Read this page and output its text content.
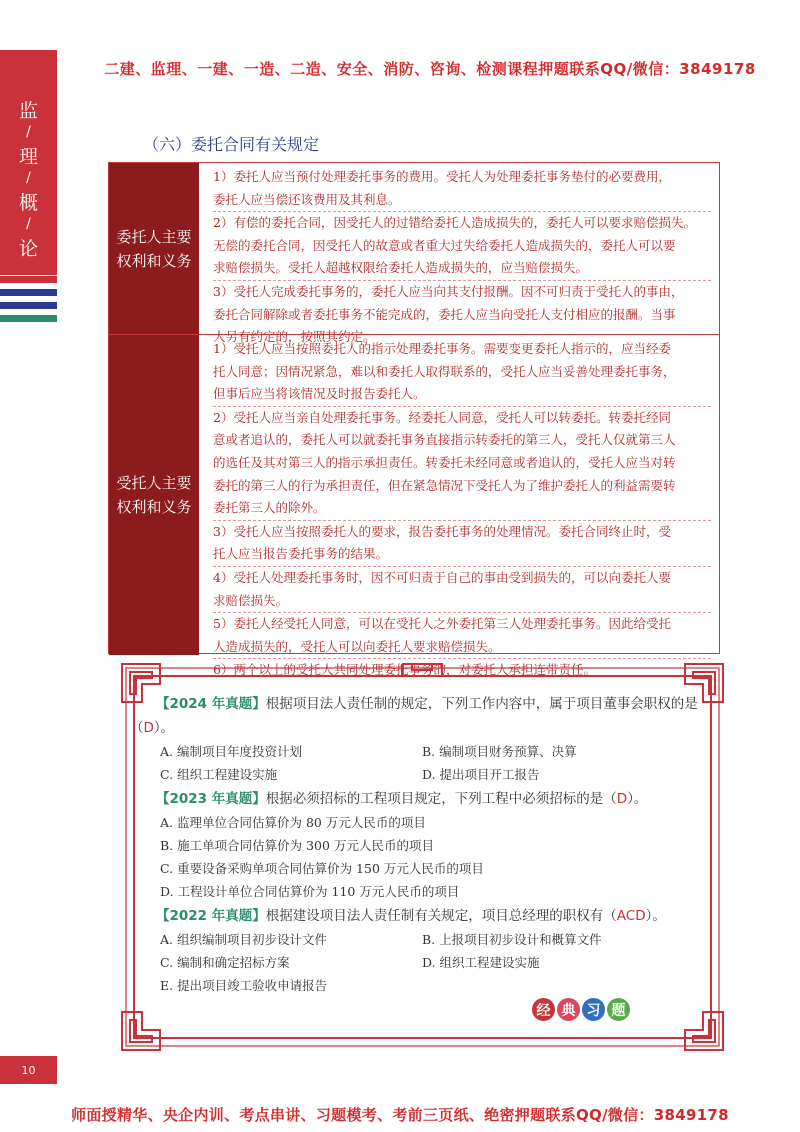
二建、监理、一建、一造、二造、安全、消防、咨询、检测课程押题联系QQ/微信：3849178
监
/
理
/
概
/
论
（六）委托合同有关规定
委托人主要
权利和义务
1）委托人应当预付处理委托事务的费用。受托人为处理委托事务垫付的必要费用，
委托人应当偿还该费用及其利息。
2）有偿的委托合同，因受托人的过错给委托人造成损失的，委托人可以要求赔偿损失。
无偿的委托合同，因受托人的故意或者重大过失给委托人造成损失的，委托人可以要
求赔偿损失。受托人超越权限给委托人造成损失的，应当赔偿损失。
3）受托人完成委托事务的，委托人应当向其支付报酬。因不可归责于受托人的事由，
委托合同解除或者委托事务不能完成的，委托人应当向受托人支付相应的报酬。当事
人另有约定的，按照其约定。
受托人主要
权利和义务
1）受托人应当按照委托人的指示处理委托事务。需要变更委托人指示的，应当经委
托人同意；因情况紧急，难以和委托人取得联系的，受托人应当妥善处理委托事务，
但事后应当将该情况及时报告委托人。
2）受托人应当亲自处理委托事务。经委托人同意，受托人可以转委托。转委托经同
意或者追认的，委托人可以就委托事务直接指示转委托的第三人，受托人仅就第三人
的选任及其对第三人的指示承担责任。转委托未经同意或者追认的，受托人应当对转
委托的第三人的行为承担责任，但在紧急情况下受托人为了维护委托人的利益需要转
委托第三人的除外。
3）受托人应当按照委托人的要求，报告委托事务的处理情况。委托合同终止时，受
托人应当报告委托事务的结果。
4）受托人处理委托事务时，因不可归责于自己的事由受到损失的，可以向委托人要
求赔偿损失。
5）委托人经受托人同意，可以在受托人之外委托第三人处理委托事务。因此给受托
人造成损失的，受托人可以向委托人要求赔偿损失。
6）两个以上的受托人共同处理委托事务的，对委托人承担连带责任。
【2024 年真题】根据项目法人责任制的规定，下列工作内容中，属于项目董事会职权的是
（D）。
A. 编制项目年度投资计划	B. 编制项目财务预算、决算
C. 组织工程建设实施	D. 提出项目开工报告
【2023 年真题】根据必须招标的工程项目规定，下列工程中必须招标的是（D）。
A. 监理单位合同估算价为 80 万元人民币的项目
B. 施工单项合同估算价为 300 万元人民币的项目
C. 重要设备采购单项合同估算价为 150 万元人民币的项目
D. 工程设计单位合同估算价为 110 万元人民币的项目
【2022 年真题】根据建设项目法人责任制有关规定，项目总经理的职权有（ACD）。
A. 组织编制项目初步设计文件	B. 上报项目初步设计和概算文件
C. 编制和确定招标方案	D. 组织工程建设实施
E. 提出项目竣工验收申请报告
经 典 习 题
10
师面授精华、央企内训、考点串讲、习题模考、考前三页纸、绝密押题联系QQ/微信：3849178
